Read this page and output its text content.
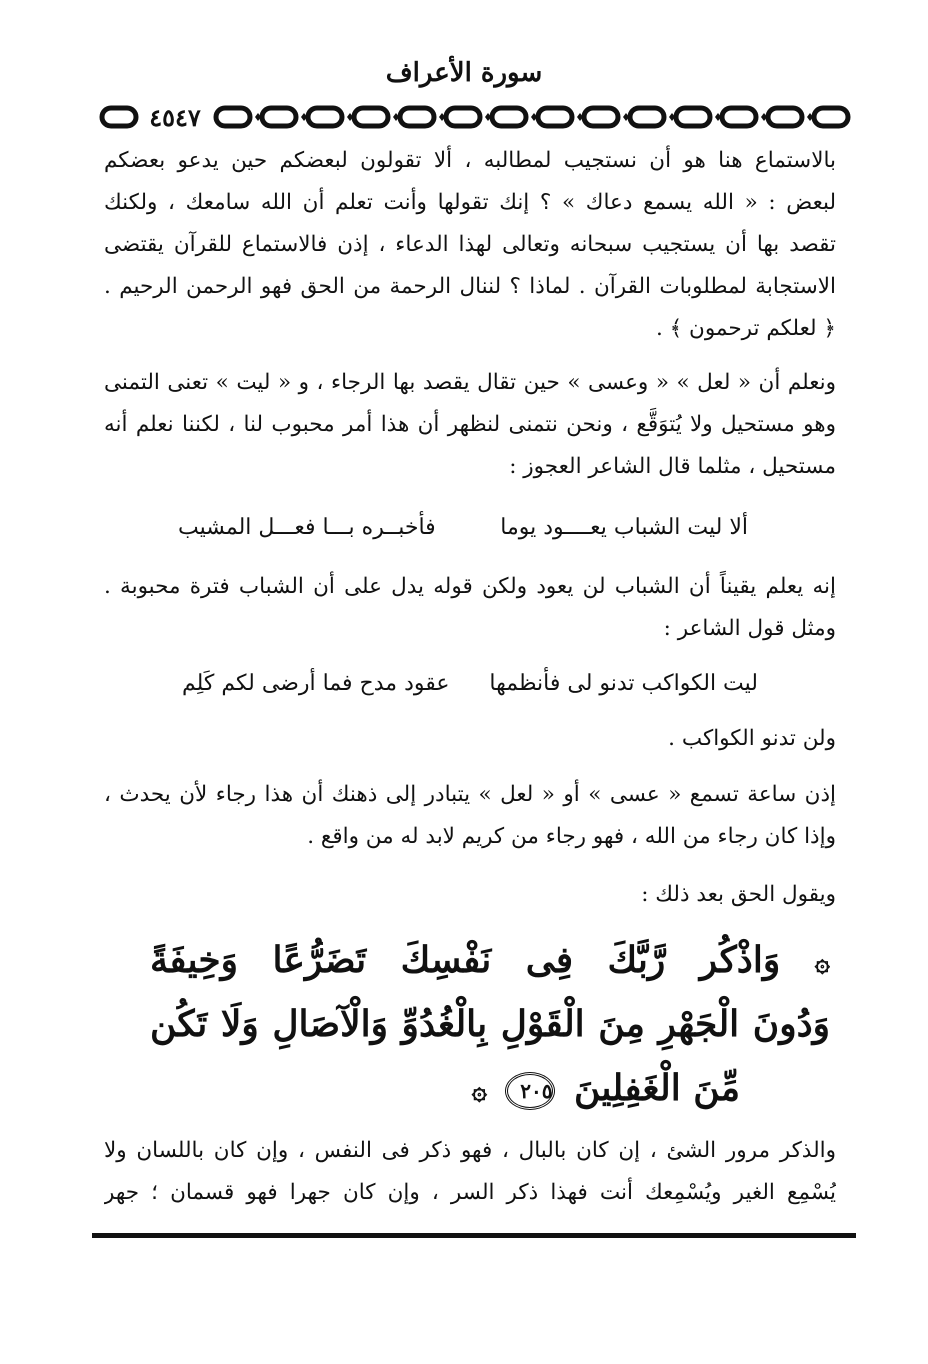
سورة الأعراف
٤٥٤٧
بالاستماع هنا هو أن نستجيب لمطالبه ، ألا تقولون لبعضكم حين يدعو بعضكم
لبعض : « الله يسمع دعاك » ؟ إنك تقولها وأنت تعلم أن الله سامعك ، ولكنك
تقصد بها أن يستجيب سبحانه وتعالى لهذا الدعاء ، إذن فالاستماع للقرآن يقتضى
الاستجابة لمطلوبات القرآن . لماذا ؟ لننال الرحمة من الحق فهو الرحمن الرحيم .
﴿ لعلكم ترحمون ﴾ .
ونعلم أن « لعل » « وعسى » حين تقال يقصد بها الرجاء ، و « ليت » تعنى التمنى
وهو مستحيل ولا يُتوَقَّع ، ونحن نتمنى لنظهر أن هذا أمر محبوب لنا ، لكننا نعلم أنه
مستحيل ، مثلما قال الشاعر العجوز :
ألا ليت الشباب يعــــود يوما
فأخبــره بـــا فعـــل المشيب
إنه يعلم يقيناً أن الشباب لن يعود ولكن قوله يدل على أن الشباب فترة محبوبة .
ومثل قول الشاعر :
ليت الكواكب تدنو لى فأنظمها
عقود مدح فما أرضى لكم كَلِم
ولن تدنو الكواكب .
إذن ساعة تسمع « عسى » أو « لعل » يتبادر إلى ذهنك أن هذا رجاء لأن يحدث ،
وإذا كان رجاء من الله ، فهو رجاء من كريم لابد له من واقع .
ويقول الحق بعد ذلك :
۞ وَاذْكُر رَّبَّكَ فِى نَفْسِكَ تَضَرُّعًا وَخِيفَةً
وَدُونَ الْجَهْرِ مِنَ الْقَوْلِ بِالْغُدُوِّ وَالْآصَالِ وَلَا تَكُن
مِّنَ الْغَفِلِينَ ٢٠٥ ۞
والذكر مرور الشئ ، إن كان بالبال ، فهو ذكر فى النفس ، وإن كان باللسان ولا
يُسْمِع الغير ويُسْمِعك أنت فهذا ذكر السر ، وإن كان جهرا فهو قسمان ؛ جهر
